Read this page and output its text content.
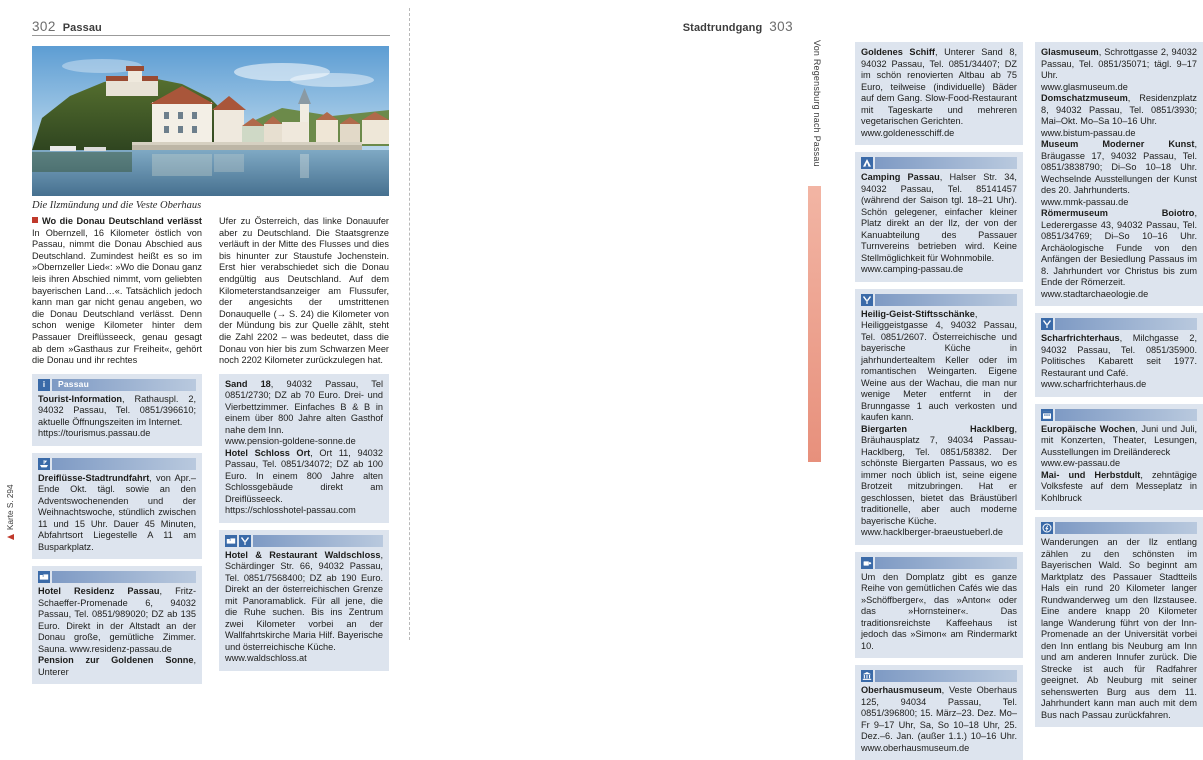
302 Passau
Die Ilzmündung und die Veste Oberhaus

Wo die Donau Deutschland verlässt In Obernzell, 16 Kilometer östlich von Passau, nimmt die Donau Abschied aus Deutschland. Zumindest heißt es so im »Obernzeller Lied«: »Wo die Donau ganz leis ihren Abschied nimmt, vom geliebten bayerischen Land…«. Tatsächlich jedoch kann man gar nicht genau angeben, wo die Donau Deutschland verlässt. Denn schon wenige Kilometer hinter dem Passauer Dreiflüsseeck, genau gesagt ab dem »Gasthaus zur Freiheit«, gehört die Donau und ihr rechtes

i	Passau

Tourist-Information, Rathauspl. 2, 94032 Passau, Tel. 0851/396610; aktuelle Öffnungszeiten im Internet.
https://tourismus.passau.de

Dreiflüsse-Stadtrundfahrt, von Apr.–Ende Okt. tägl. sowie an den Adventswochenenden und der Weihnachtswoche, stündlich zwischen 11 und 15 Uhr. Dauer 45 Minuten, Abfahrtsort Liegestelle A 11 am Busparkplatz.

Hotel Residenz Passau, Fritz-Schaeffer-Promenade 6, 94032 Passau, Tel. 0851/989020; DZ ab 135 Euro. Direkt in der Altstadt an der Donau große, gemütliche Zimmer. Sauna. www.residenz-passau.de
Pension zur Goldenen Sonne, Unterer

Ufer zu Österreich, das linke Donauufer aber zu Deutschland. Die Staatsgrenze verläuft in der Mitte des Flusses und dies bis hinunter zur Staustufe Jochenstein. Erst hier verabschiedet sich die Donau endgültig aus Deutschland. Auf dem Kilometerstandsanzeiger am Flussufer, der angesichts der umstrittenen Donauquelle (→ S. 24) die Kilometer von der Mündung bis zur Quelle zählt, steht die Zahl 2202 – was bedeutet, dass die Donau von hier bis zum Schwarzen Meer noch 2202 Kilometer zurückzulegen hat.

Sand 18, 94032 Passau, Tel 0851/2730; DZ ab 70 Euro. Drei- und Vierbettzimmer. Einfaches B & B in einem über 800 Jahre alten Gasthof nahe dem Inn.
www.pension-goldene-sonne.de
Hotel Schloss Ort, Ort 11, 94032 Passau, Tel. 0851/34072; DZ ab 100 Euro. In einem 800 Jahre alten Schlossgebäude direkt am Dreiflüsseeck.
https://schlosshotel-passau.com

Hotel & Restaurant Waldschloss, Schärdinger Str. 66, 94032 Passau, Tel. 0851/7568400; DZ ab 190 Euro. Direkt an der österreichischen Grenze mit Panoramablick. Für all jene, die die Ruhe suchen. Bis ins Zentrum zwei Kilometer vorbei an der Wallfahrtskirche Maria Hilf. Bayerische und österreichische Küche.
www.waldschloss.at

Karte S. 294
Stadtrundgang 303

Goldenes Schiff, Unterer Sand 8, 94032 Passau, Tel. 0851/34407; DZ im schön renovierten Altbau ab 75 Euro, teilweise (individuelle) Bäder auf dem Gang. Slow-Food-Restaurant mit Tageskarte und mehreren vegetarischen Gerichten.
www.goldenesschiff.de

Camping Passau, Halser Str. 34, 94032 Passau, Tel. 85141457 (während der Saison tgl. 18–21 Uhr). Schön gelegener, einfacher kleiner Platz direkt an der Ilz, der von der Kanuabteilung des Passauer Turnvereins betrieben wird. Keine Stellmöglichkeit für Wohnmobile.
www.camping-passau.de

Heilig-Geist-Stiftsschänke, Heiliggeistgasse 4, 94032 Passau, Tel. 0851/2607. Österreichische und bayerische Küche in jahrhundertealtem Keller oder im romantischen Weingarten. Eigene Weine aus der Wachau, die man nur wenige Meter entfernt in der Brunngasse 1 auch verkosten und kaufen kann.
Biergarten Hacklberg, Bräuhausplatz 7, 94034 Passau-Hacklberg, Tel. 0851/58382. Der schönste Biergarten Passaus, wo es immer noch üblich ist, seine eigene Brotzeit mitzubringen. Hat er geschlossen, bietet das Bräustüberl traditionelle, aber auch moderne bayerische Küche.
www.hacklberger-braeustueberl.de

Um den Domplatz gibt es ganze Reihe von gemütlichen Cafés wie das »Schöffberger«, das »Anton« oder das »Hornsteiner«. Das traditionsreichste Kaffeehaus ist jedoch das »Simon« am Rindermarkt 10.

Oberhausmuseum, Veste Oberhaus 125, 94034 Passau, Tel. 0851/396800; 15. März–23. Dez. Mo–Fr 9–17 Uhr, Sa, So 10–18 Uhr, 25. Dez.–6. Jan. (außer 1.1.) 10–16 Uhr. www.oberhausmuseum.de

Glasmuseum, Schrottgasse 2, 94032 Passau, Tel. 0851/35071; tägl. 9–17 Uhr.
www.glasmuseum.de
Domschatzmuseum, Residenzplatz 8, 94032 Passau, Tel. 0851/3930; Mai–Okt. Mo–Sa 10–16 Uhr.
www.bistum-passau.de
Museum Moderner Kunst, Bräugasse 17, 94032 Passau, Tel. 0851/3838790; Di–So 10–18 Uhr. Wechselnde Ausstellungen der Kunst des 20. Jahrhunderts.
www.mmk-passau.de
Römermuseum Boiotro, Lederergasse 43, 94032 Passau, Tel. 0851/34769; Di–So 10–16 Uhr. Archäologische Funde von den Anfängen der Besiedlung Passaus im 8. Jahrhundert vor Christus bis zum Ende der Römerzeit.
www.stadtarchaeologie.de

Scharfrichterhaus, Milchgasse 2, 94032 Passau, Tel. 0851/35900. Politisches Kabarett seit 1977. Restaurant und Café.
www.scharfrichterhaus.de

Europäische Wochen, Juni und Juli, mit Konzerten, Theater, Lesungen, Ausstellungen im Dreiländereck
www.ew-passau.de
Mai- und Herbstdult, zehntägige Volksfeste auf dem Messeplatz in Kohlbruck

Wanderungen an der Ilz entlang zählen zu den schönsten im Bayerischen Wald. So beginnt am Marktplatz des Passauer Stadtteils Hals ein rund 20 Kilometer langer Rundwanderweg um den Ilzstausee. Eine andere knapp 20 Kilometer lange Wanderung führt von der Inn-Promenade an der Universität vorbei den Inn entlang bis Neuburg am Inn und am anderen Innufer zurück. Die Strecke ist auch für Radfahrer geeignet. Ab Neuburg mit seiner sehenswerten Burg aus dem 11. Jahrhundert kann man auch mit dem Bus nach Passau zurückfahren.

Von Regensburg nach Passau
